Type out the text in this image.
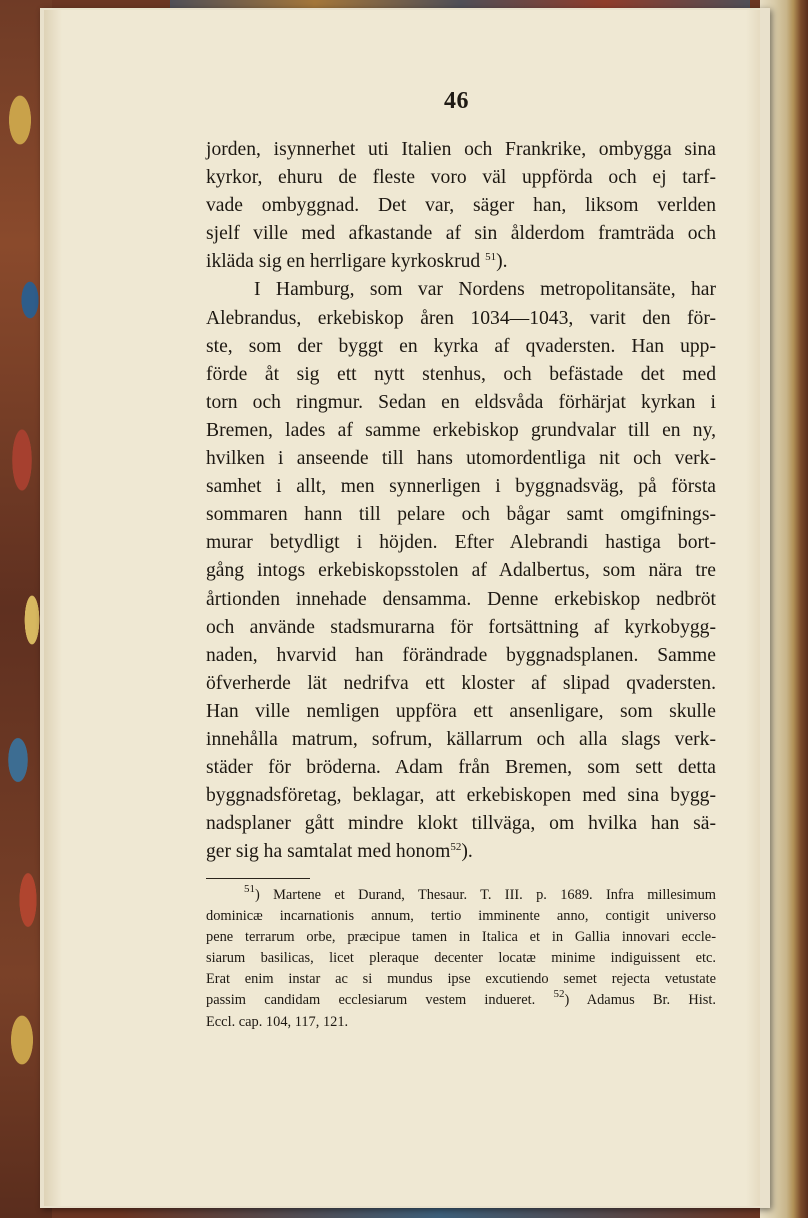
46
jorden, isynnerhet uti Italien och Frankrike, ombygga sina
kyrkor, ehuru de fleste voro väl uppförda och ej tarf-
vade ombyggnad. Det var, säger han, liksom verlden
sjelf ville med afkastande af sin ålderdom framträda och
ikläda sig en herrligare kyrkoskrud $^{51}$).
I Hamburg, som var Nordens metropolitansäte, har
Alebrandus, erkebiskop åren 1034—1043, varit den för-
ste, som der byggt en kyrka af qvadersten. Han upp-
förde åt sig ett nytt stenhus, och befästade det med
torn och ringmur. Sedan en eldsvåda förhärjat kyrkan i
Bremen, lades af samme erkebiskop grundvalar till en ny,
hvilken i anseende till hans utomordentliga nit och verk-
samhet i allt, men synnerligen i byggnadsväg, på första
sommaren hann till pelare och bågar samt omgifnings-
murar betydligt i höjden. Efter Alebrandi hastiga bort-
gång intogs erkebiskopsstolen af Adalbertus, som nära tre
årtionden innehade densamma. Denne erkebiskop nedbröt
och använde stadsmurarna för fortsättning af kyrkobygg-
naden, hvarvid han förändrade byggnadsplanen. Samme
öfverherde lät nedrifva ett kloster af slipad qvadersten.
Han ville nemligen uppföra ett ansenligare, som skulle
innehålla matrum, sofrum, källarrum och alla slags verk-
städer för bröderna. Adam från Bremen, som sett detta
byggnadsföretag, beklagar, att erkebiskopen med sina bygg-
nadsplaner gått mindre klokt tillväga, om hvilka han sä-
ger sig ha samtalat med honom$^{52}$).
$^{51}$) Martene et Durand, Thesaur. T. III. p. 1689. Infra millesimum
dominicæ incarnationis annum, tertio imminente anno, contigit universo
pene terrarum orbe, præcipue tamen in Italica et in Gallia innovari eccle-
siarum basilicas, licet pleraque decenter locatæ minime indiguissent etc.
Erat enim instar ac si mundus ipse excutiendo semet rejecta vetustate
passim candidam ecclesiarum vestem indueret. $^{52}$) Adamus Br. Hist.
Eccl. cap. 104, 117, 121.
